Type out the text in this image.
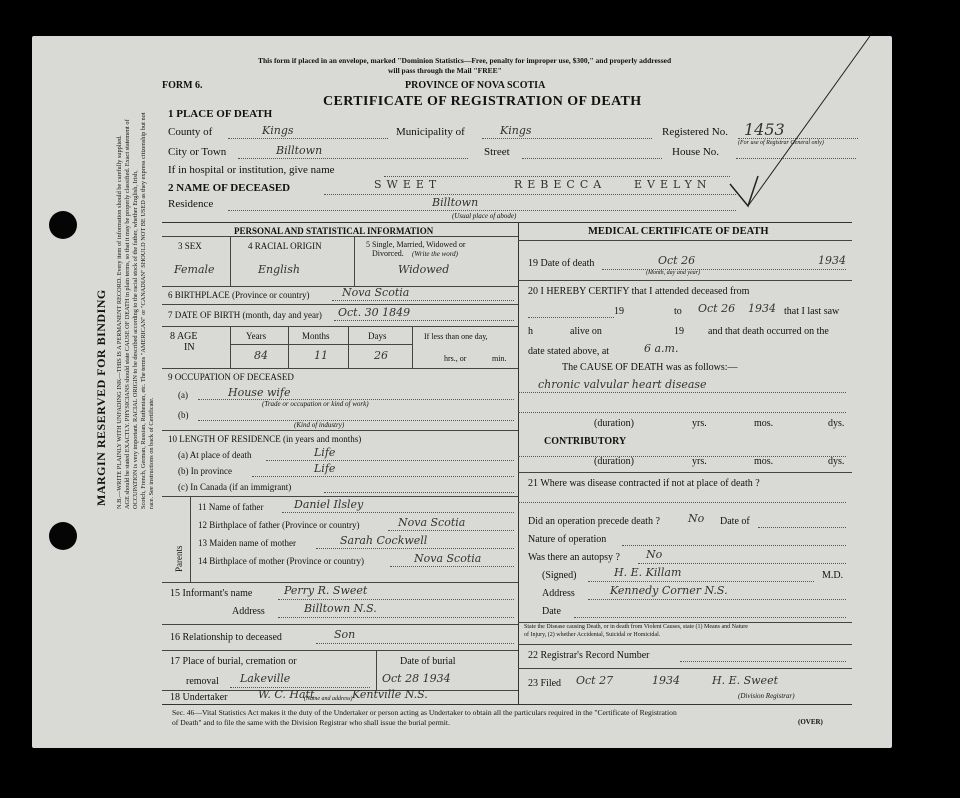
MARGIN RESERVED FOR BINDING N.B.—WRITE PLAINLY WITH UNFADING INK—THIS IS A PERMANENT RECORD. Every item of information should be carefully supplied. AGE should be stated EXACTLY. PHYSICIANS should state CAUSE OF DEATH in plain terms, so that it may be properly classified. Exact statement of OCCUPATION is very important. RACIAL ORIGIN to be described according to the racial stock of the father, whether English, Irish, Scotch, French, German, Russian, Ruthenian, etc. The terms "AMERICAN" or "CANADIAN" SHOULD NOT BE USED as they express citizenship but not race. See instructions on back of Certificate.
This form if placed in an envelope, marked "Dominion Statistics—Free, penalty for improper use, $300," and properly addressed
will pass through the Mail "FREE"
FORM 6.	PROVINCE OF NOVA SCOTIA
CERTIFICATE OF REGISTRATION OF DEATH
1 PLACE OF DEATH
County of	Kings	Municipality of	Kings	Registered No. 1453
(For use of Registrar General only)
City or Town	Billtown	Street	House No.
If in hospital or institution, give name
2 NAME OF DECEASED	SWEET	REBECCA	EVELYN
Residence	Billtown
(Usual place of abode)
PERSONAL AND STATISTICAL INFORMATION
3 SEX	4 RACIAL ORIGIN	5 Single, Married, Widowed or
Divorced. (Write the word)
Female	English	Widowed
6 BIRTHPLACE (Province or country)	Nova Scotia
7 DATE OF BIRTH (month, day and year) Oct. 30 1849
8 AGE
IN
Years	Months	Days	If less than one day,
84	11	26	hrs., or	min.
9 OCCUPATION OF DECEASED
(a)	House wife
(Trade or occupation or kind of work)
(b)
(Kind of industry)
10 LENGTH OF RESIDENCE (in years and months)
(a) At place of death	Life
(b) In province	Life
(c) In Canada (if an immigrant)
Parents
11 Name of father	Daniel Ilsley
12 Birthplace of father (Province or country)	Nova Scotia
13 Maiden name of mother	Sarah Cockwell
14 Birthplace of mother (Province or country)	Nova Scotia
15 Informant's name	Perry R. Sweet
Address	Billtown N.S.
16 Relationship to deceased	Son
17 Place of burial, cremation or
removal Lakeville
Date of burial
Oct 28 1934
18 Undertaker	W. C. Hatt	Kentville N.S.
(Name and address)
MEDICAL CERTIFICATE OF DEATH
19 Date of death	Oct 26	1934
(Month, day and year)
20 I HEREBY CERTIFY that I attended deceased from
19	to Oct 26 1934 that I last saw
h	alive on	19 and that death occurred on the
date stated above, at	6 a.m.
The CAUSE OF DEATH was as follows:—
chronic valvular heart disease
(duration)	yrs.	mos.	dys.
CONTRIBUTORY
(duration)	yrs.	mos.	dys.
21 Where was disease contracted if not at place of death ?
Did an operation precede death ?	No Date of
Nature of operation
Was there an autopsy ? No
(Signed)	H. E. Killam	M.D.
Address	Kennedy Corner N.S.
Date
State the Disease causing Death, or in death from Violent Causes, state (1) Means and Nature
of Injury, (2) whether Accidental, Suicidal or Homicidal.
22 Registrar's Record Number
23 Filed Oct 27	1934	H. E. Sweet
(Division Registrar)
Sec. 46—Vital Statistics Act makes it the duty of the Undertaker or person acting as Undertaker to obtain all the particulars required in the "Certificate of Registration
of Death" and to file the same with the Division Registrar who shall issue the burial permit.	(OVER)
